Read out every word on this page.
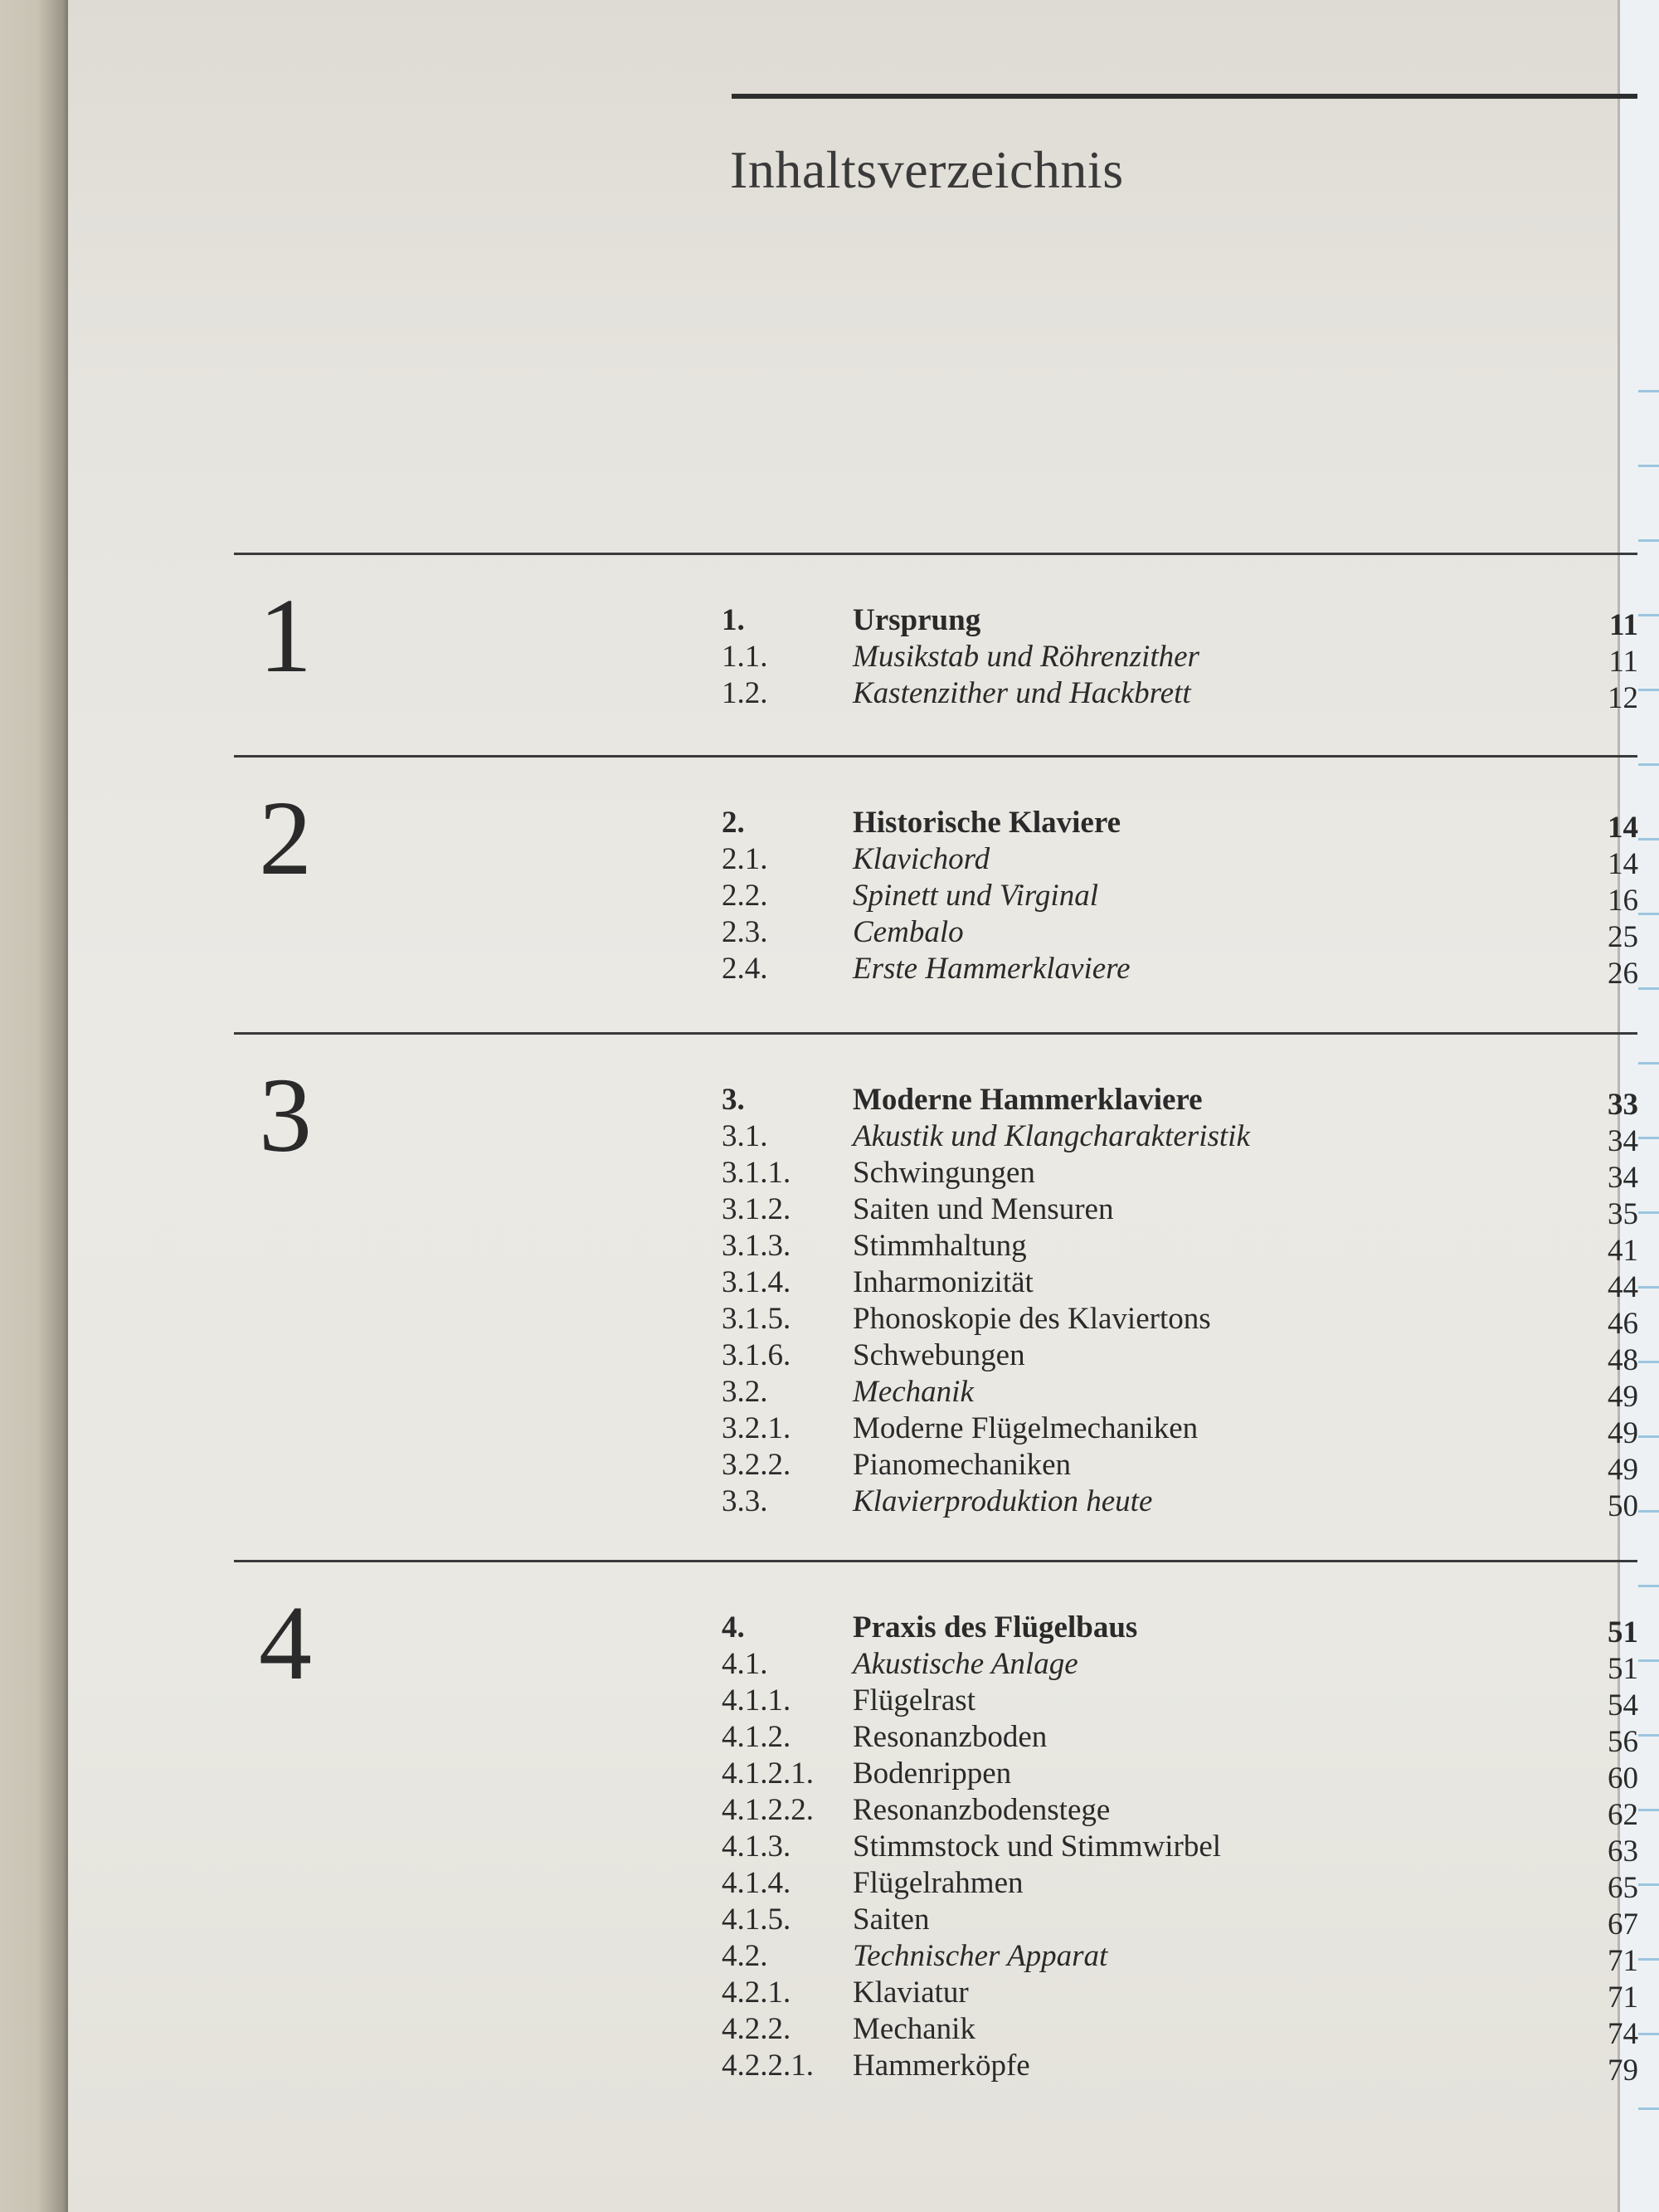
Inhaltsverzeichnis
1	1.	Ursprung	11
1.1.	Musikstab und Röhrenzither	11
1.2.	Kastenzither und Hackbrett	12
2	2.	Historische Klaviere	14
2.1.	Klavichord	14
2.2.	Spinett und Virginal	16
2.3.	Cembalo	25
2.4.	Erste Hammerklaviere	26
3	3.	Moderne Hammerklaviere	33
3.1.	Akustik und Klangcharakteristik	34
3.1.1. Schwingungen	34
3.1.2. Saiten und Mensuren	35
3.1.3. Stimmhaltung	41
3.1.4. Inharmonizität	44
3.1.5. Phonoskopie des Klaviertons	46
3.1.6. Schwebungen	48
3.2.	Mechanik	49
3.2.1. Moderne Flügelmechaniken	49
3.2.2. Pianomechaniken	49
3.3.	Klavierproduktion heute	50
4	4.	Praxis des Flügelbaus	51
4.1.	Akustische Anlage	51
4.1.1. Flügelrast	54
4.1.2. Resonanzboden	56
4.1.2.1. Bodenrippen	60
4.1.2.2. Resonanzbodenstege	62
4.1.3. Stimmstock und Stimmwirbel	63
4.1.4. Flügelrahmen	65
4.1.5. Saiten	67
4.2.	Technischer Apparat	71
4.2.1. Klaviatur	71
4.2.2. Mechanik	74
4.2.2.1. Hammerköpfe	79
